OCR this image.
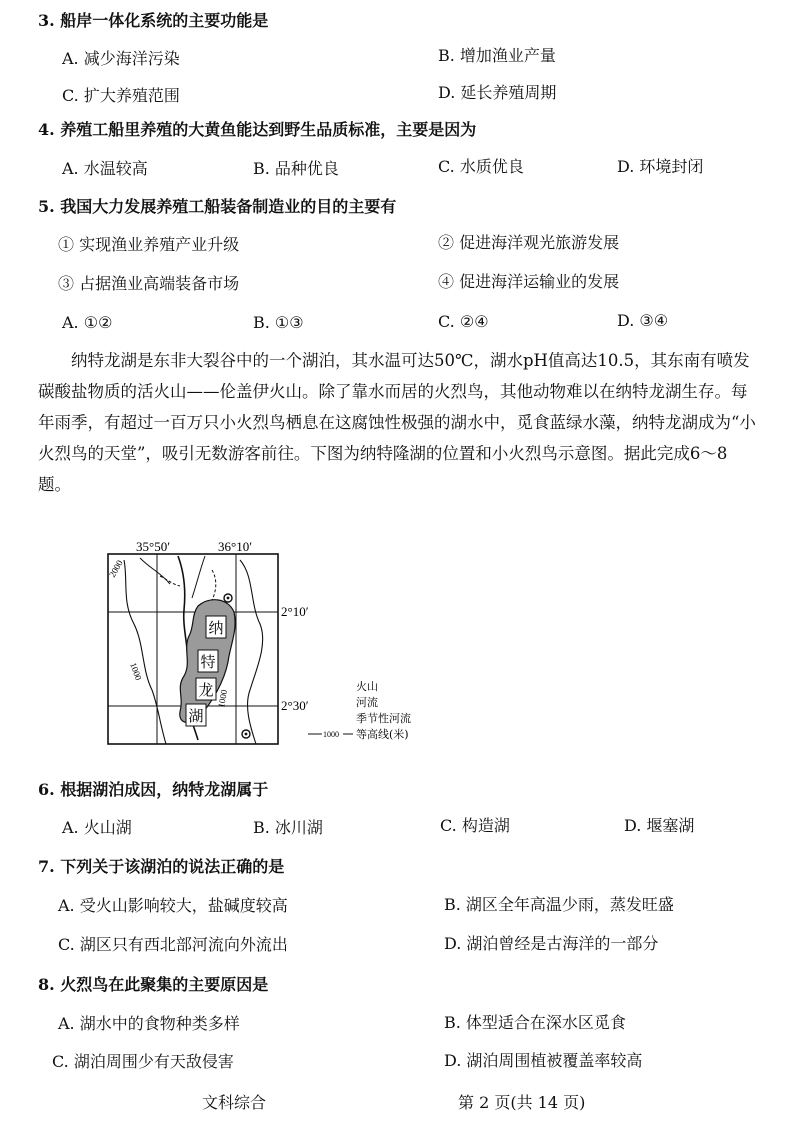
3. 船岸一体化系统的主要功能是
A. 减少海洋污染	B. 增加渔业产量
C. 扩大养殖范围	D. 延长养殖周期
4. 养殖工船里养殖的大黄鱼能达到野生品质标准，主要是因为
A. 水温较高	B. 品种优良	C. 水质优良	D. 环境封闭
5. 我国大力发展养殖工船装备制造业的目的主要有
① 实现渔业养殖产业升级	② 促进海洋观光旅游发展
③ 占据渔业高端装备市场	④ 促进海洋运输业的发展
A. ①②	B. ①③	C. ②④	D. ③④

纳特龙湖是东非大裂谷中的一个湖泊，其水温可达50℃，湖水pH值高达10.5，其东南有喷发碳酸盐物质的活火山——伦盖伊火山。除了靠水而居的火烈鸟，其他动物难以在纳特龙湖生存。每年雨季，有超过一百万只小火烈鸟栖息在这腐蚀性极强的湖水中，觅食蓝绿水藻，纳特龙湖成为“小火烈鸟的天堂”，吸引无数游客前往。下图为纳特隆湖的位置和小火烈鸟示意图。据此完成6～8题。

35°50′	36°10′
2°10′
2°30′
2000
1000
1000
纳
特
龙
湖
火山
河流
季节性河流
1000 等高线(米)
6. 根据湖泊成因，纳特龙湖属于
A. 火山湖	B. 冰川湖	C. 构造湖	D. 堰塞湖
7. 下列关于该湖泊的说法正确的是
A. 受火山影响较大，盐碱度较高	B. 湖区全年高温少雨，蒸发旺盛
C. 湖区只有西北部河流向外流出	D. 湖泊曾经是古海洋的一部分
8. 火烈鸟在此聚集的主要原因是
A. 湖水中的食物种类多样	B. 体型适合在深水区觅食
C. 湖泊周围少有天敌侵害	D. 湖泊周围植被覆盖率较高
文科综合	第 2 页(共 14 页)
